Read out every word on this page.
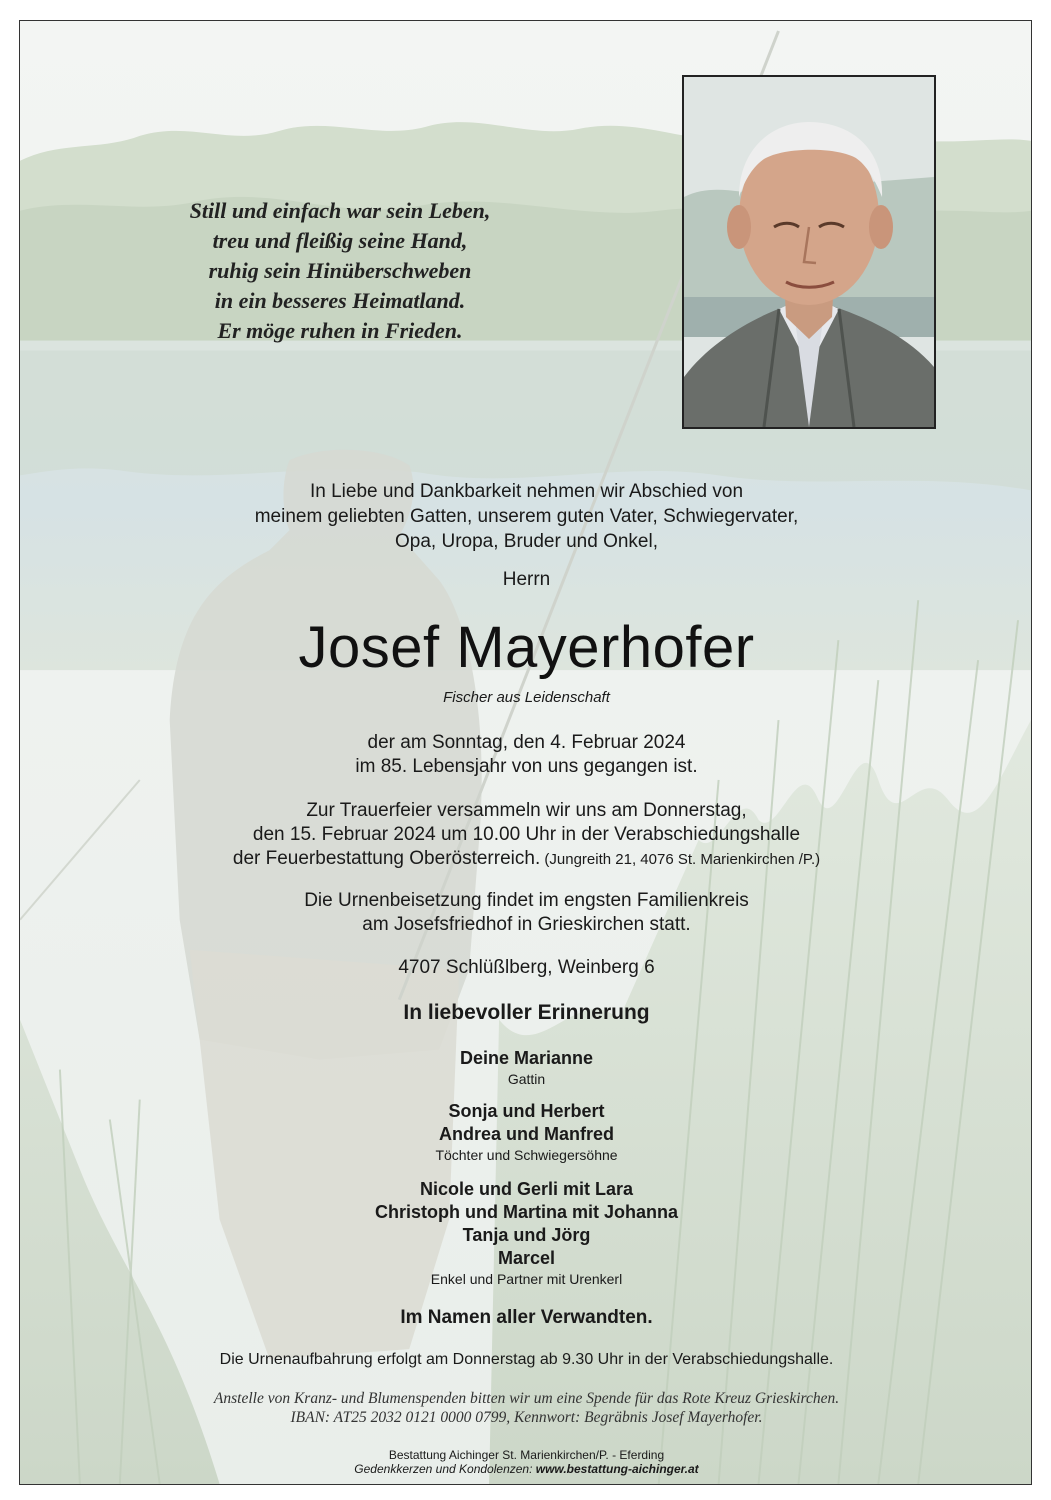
Still und einfach war sein Leben,
treu und fleißig seine Hand,
ruhig sein Hinüberschweben
in ein besseres Heimatland.
Er möge ruhen in Frieden.
In Liebe und Dankbarkeit nehmen wir Abschied von
meinem geliebten Gatten, unserem guten Vater, Schwiegervater,
Opa, Uropa, Bruder und Onkel,
Herrn
Josef Mayerhofer
Fischer aus Leidenschaft
der am Sonntag, den 4. Februar 2024
im 85. Lebensjahr von uns gegangen ist.
Zur Trauerfeier versammeln wir uns am Donnerstag,
den 15. Februar 2024 um 10.00 Uhr in der Verabschiedungshalle
der Feuerbestattung Oberösterreich. (Jungreith 21, 4076 St. Marienkirchen /P.)
Die Urnenbeisetzung findet im engsten Familienkreis
am Josefsfriedhof in Grieskirchen statt.
4707 Schlüßlberg, Weinberg 6
In liebevoller Erinnerung
Deine Marianne
Gattin
Sonja und Herbert
Andrea und Manfred
Töchter und Schwiegersöhne
Nicole und Gerli mit Lara
Christoph und Martina mit Johanna
Tanja und Jörg
Marcel
Enkel und Partner mit Urenkerl
Im Namen aller Verwandten.
Die Urnenaufbahrung erfolgt am Donnerstag ab 9.30 Uhr in der Verabschiedungshalle.
Anstelle von Kranz- und Blumenspenden bitten wir um eine Spende für das Rote Kreuz Grieskirchen.
IBAN: AT25 2032 0121 0000 0799, Kennwort: Begräbnis Josef Mayerhofer.
Bestattung Aichinger St. Marienkirchen/P. - Eferding
Gedenkkerzen und Kondolenzen: www.bestattung-aichinger.at
